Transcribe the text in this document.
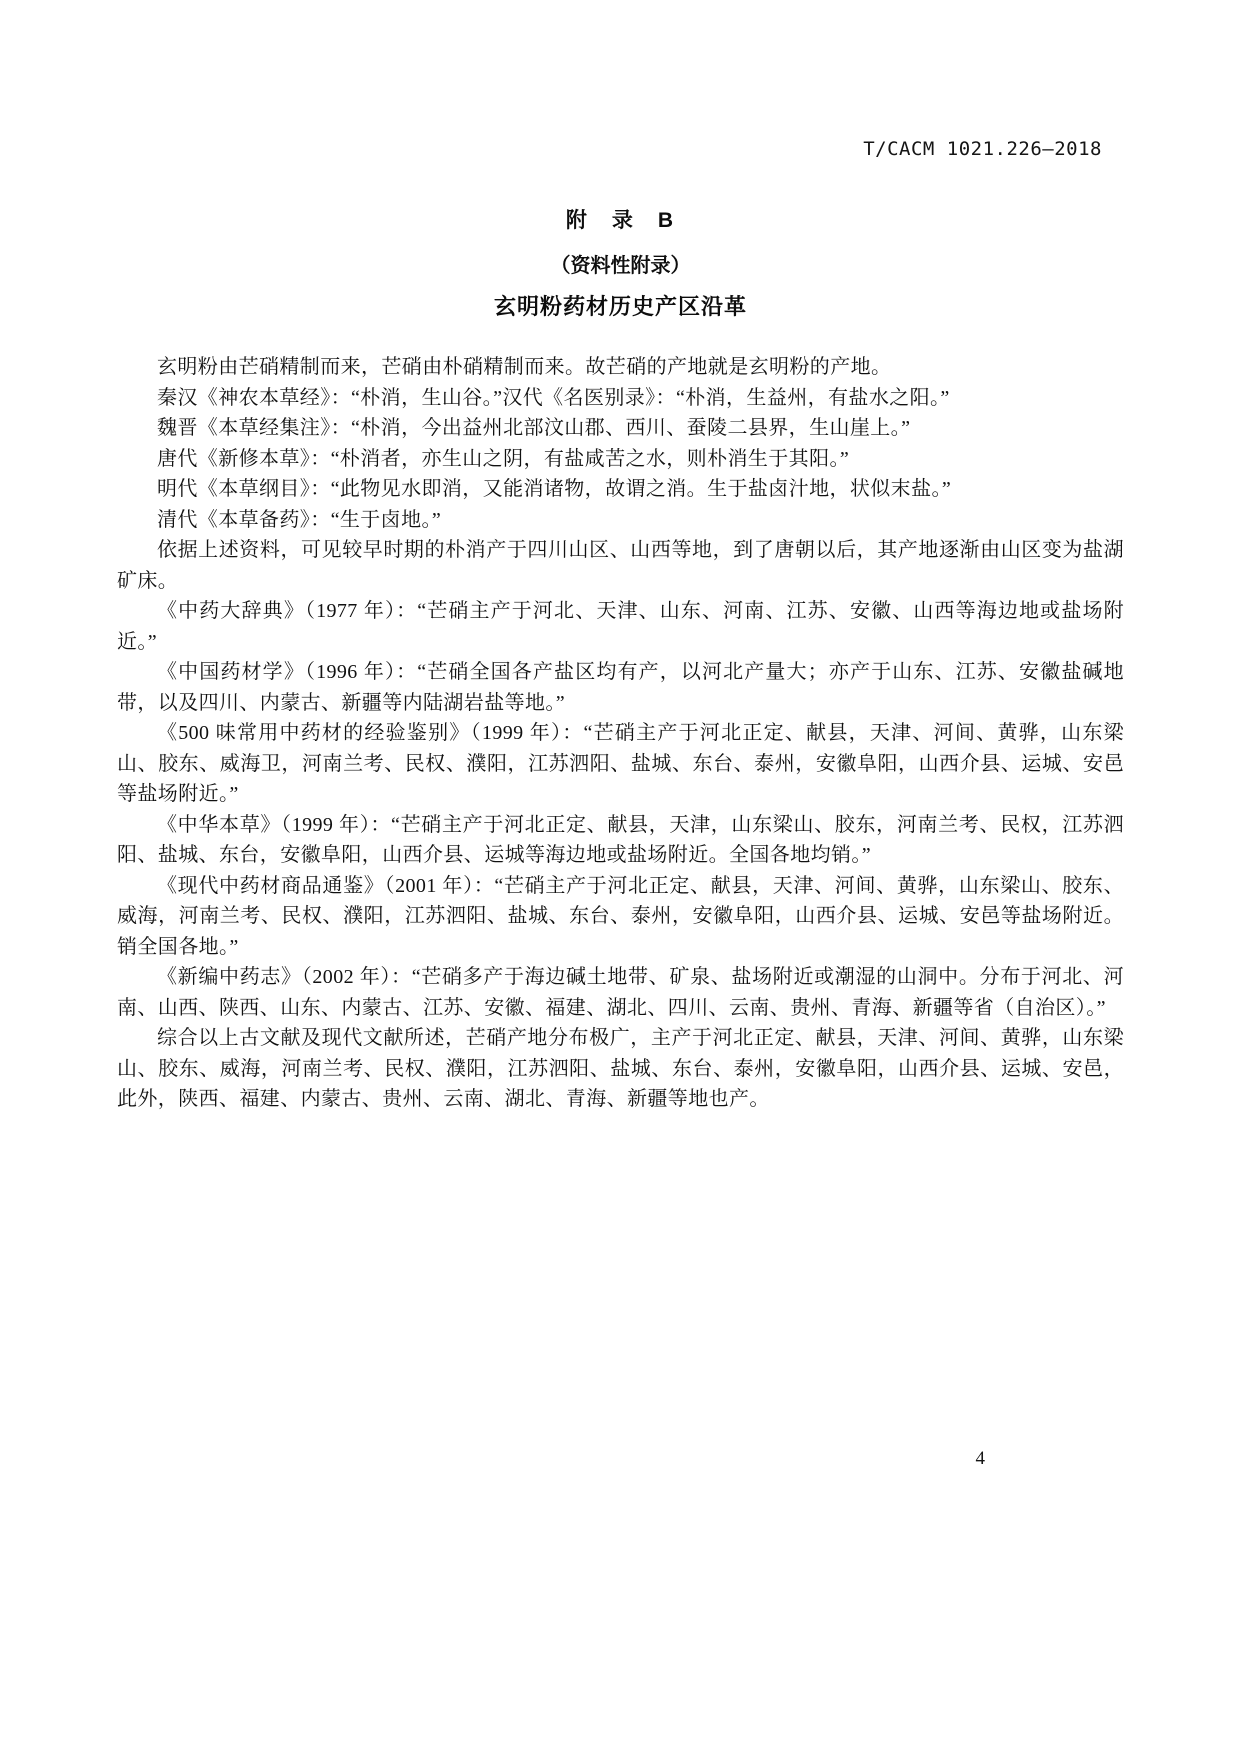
T/CACM 1021.226—2018
附　录　B
（资料性附录）
玄明粉药材历史产区沿革

玄明粉由芒硝精制而来，芒硝由朴硝精制而来。故芒硝的产地就是玄明粉的产地。

秦汉《神农本草经》：“朴消，生山谷。”汉代《名医别录》：“朴消，生益州，有盐水之阳。”

魏晋《本草经集注》：“朴消，今出益州北部汶山郡、西川、蚕陵二县界，生山崖上。”

唐代《新修本草》：“朴消者，亦生山之阴，有盐咸苦之水，则朴消生于其阳。”

明代《本草纲目》：“此物见水即消，又能消诸物，故谓之消。生于盐卤汁地，状似末盐。”

清代《本草备药》：“生于卤地。”

依据上述资料，可见较早时期的朴消产于四川山区、山西等地，到了唐朝以后，其产地逐渐由山区变为盐湖矿床。

《中药大辞典》（1977 年）：“芒硝主产于河北、天津、山东、河南、江苏、安徽、山西等海边地或盐场附近。”

《中国药材学》（1996 年）：“芒硝全国各产盐区均有产，以河北产量大；亦产于山东、江苏、安徽盐碱地带，以及四川、内蒙古、新疆等内陆湖岩盐等地。”

《500 味常用中药材的经验鉴别》（1999 年）：“芒硝主产于河北正定、献县，天津、河间、黄骅，山东梁山、胶东、威海卫，河南兰考、民权、濮阳，江苏泗阳、盐城、东台、泰州，安徽阜阳，山西介县、运城、安邑等盐场附近。”

《中华本草》（1999 年）：“芒硝主产于河北正定、献县，天津，山东梁山、胶东，河南兰考、民权，江苏泗阳、盐城、东台，安徽阜阳，山西介县、运城等海边地或盐场附近。全国各地均销。”

《现代中药材商品通鉴》（2001 年）：“芒硝主产于河北正定、献县，天津、河间、黄骅，山东梁山、胶东、威海，河南兰考、民权、濮阳，江苏泗阳、盐城、东台、泰州，安徽阜阳，山西介县、运城、安邑等盐场附近。销全国各地。”

《新编中药志》（2002 年）：“芒硝多产于海边碱土地带、矿泉、盐场附近或潮湿的山洞中。分布于河北、河南、山西、陕西、山东、内蒙古、江苏、安徽、福建、湖北、四川、云南、贵州、青海、新疆等省（自治区）。”

综合以上古文献及现代文献所述，芒硝产地分布极广，主产于河北正定、献县，天津、河间、黄骅，山东梁山、胶东、威海，河南兰考、民权、濮阳，江苏泗阳、盐城、东台、泰州，安徽阜阳，山西介县、运城、安邑，此外，陕西、福建、内蒙古、贵州、云南、湖北、青海、新疆等地也产。

4
